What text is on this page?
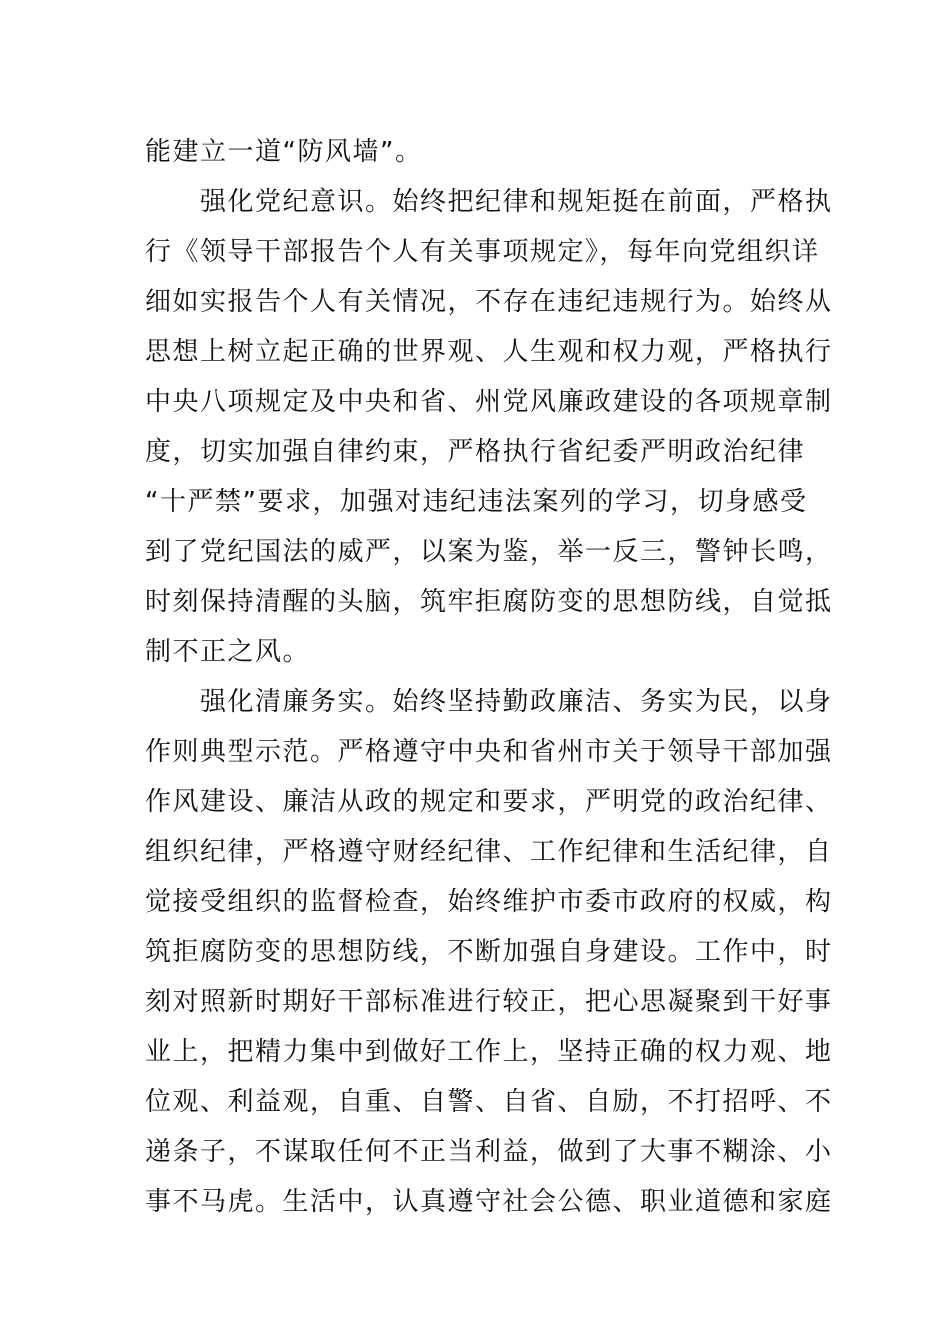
能建立一道“防风墙”。
　　强化党纪意识。始终把纪律和规矩挺在前面，严格执
行《领导干部报告个人有关事项规定》，每年向党组织详
细如实报告个人有关情况，不存在违纪违规行为。始终从
思想上树立起正确的世界观、人生观和权力观，严格执行
中央八项规定及中央和省、州党风廉政建设的各项规章制
度，切实加强自律约束，严格执行省纪委严明政治纪律
“十严禁”要求，加强对违纪违法案列的学习，切身感受
到了党纪国法的威严，以案为鉴，举一反三，警钟长鸣，
时刻保持清醒的头脑，筑牢拒腐防变的思想防线，自觉抵
制不正之风。
　　强化清廉务实。始终坚持勤政廉洁、务实为民，以身
作则典型示范。严格遵守中央和省州市关于领导干部加强
作风建设、廉洁从政的规定和要求，严明党的政治纪律、
组织纪律，严格遵守财经纪律、工作纪律和生活纪律，自
觉接受组织的监督检查，始终维护市委市政府的权威，构
筑拒腐防变的思想防线，不断加强自身建设。工作中，时
刻对照新时期好干部标准进行较正，把心思凝聚到干好事
业上，把精力集中到做好工作上，坚持正确的权力观、地
位观、利益观，自重、自警、自省、自励，不打招呼、不
递条子，不谋取任何不正当利益，做到了大事不糊涂、小
事不马虎。生活中，认真遵守社会公德、职业道德和家庭
